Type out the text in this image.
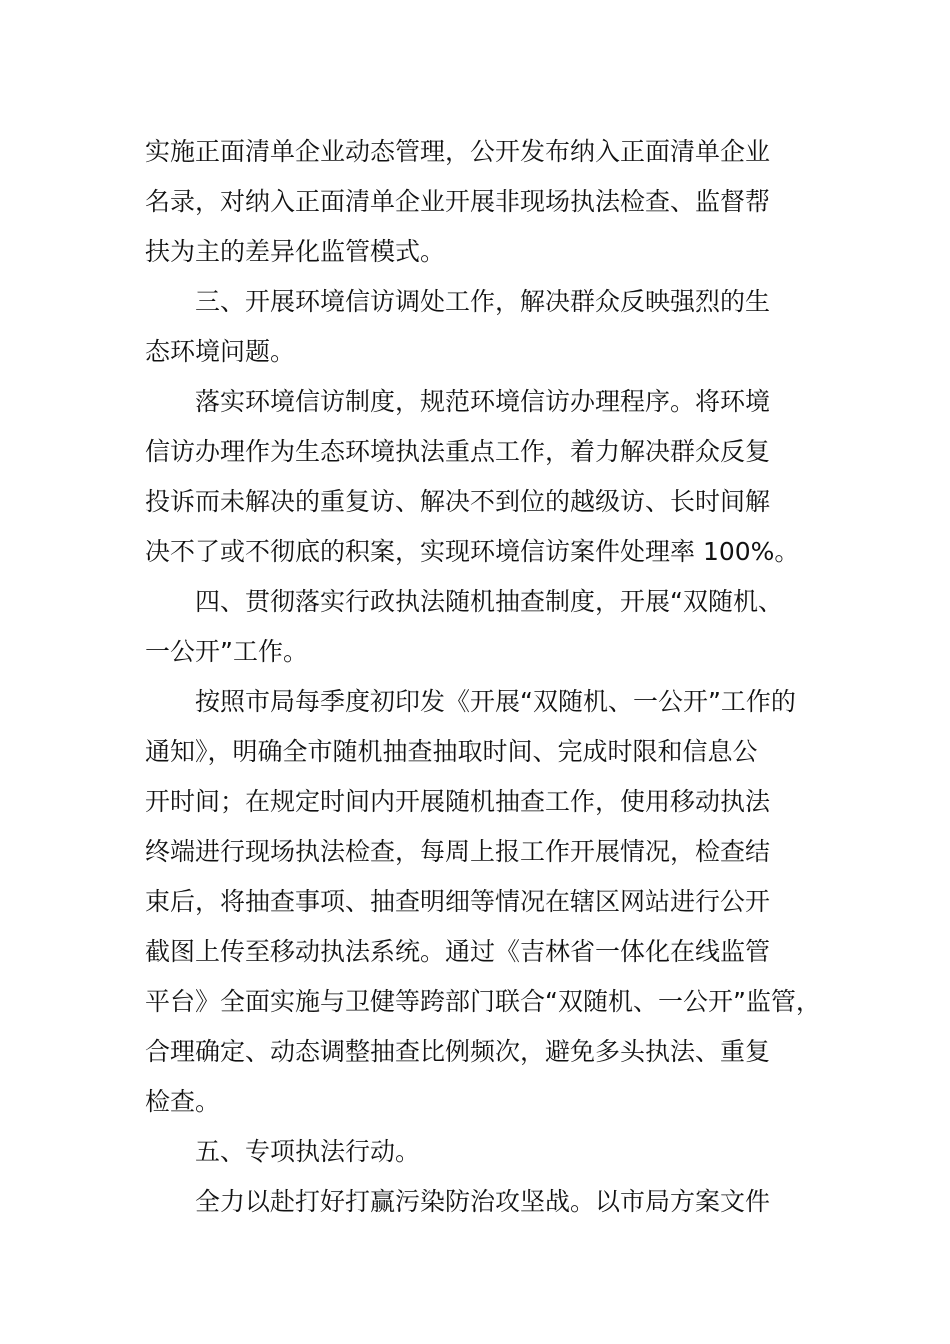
实施正面清单企业动态管理，公开发布纳入正面清单企业
名录，对纳入正面清单企业开展非现场执法检查、监督帮
扶为主的差异化监管模式。
三、开展环境信访调处工作，解决群众反映强烈的生
态环境问题。
落实环境信访制度，规范环境信访办理程序。将环境
信访办理作为生态环境执法重点工作，着力解决群众反复
投诉而未解决的重复访、解决不到位的越级访、长时间解
决不了或不彻底的积案，实现环境信访案件处理率 100%。
四、贯彻落实行政执法随机抽查制度，开展“双随机、
一公开”工作。
按照市局每季度初印发《开展“双随机、一公开”工作的
通知》，明确全市随机抽查抽取时间、完成时限和信息公
开时间；在规定时间内开展随机抽查工作，使用移动执法
终端进行现场执法检查，每周上报工作开展情况，检查结
束后，将抽查事项、抽查明细等情况在辖区网站进行公开
截图上传至移动执法系统。通过《吉林省一体化在线监管
平台》全面实施与卫健等跨部门联合“双随机、一公开”监管，
合理确定、动态调整抽查比例频次，避免多头执法、重复
检查。
五、专项执法行动。
全力以赴打好打赢污染防治攻坚战。以市局方案文件
